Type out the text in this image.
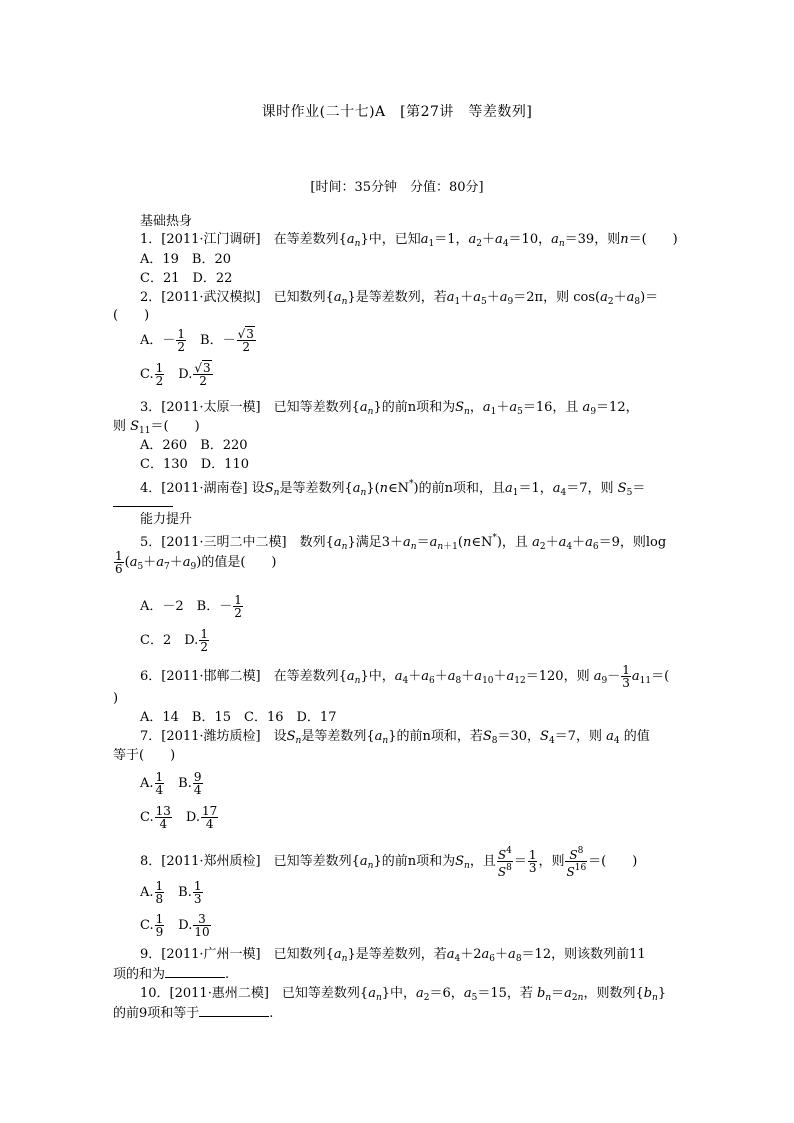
课时作业(二十七)A　[第27讲　等差数列]
[时间：35分钟　分值：80分]
基础热身
1．[2011·江门调研]　在等差数列$\{a_n\}$中，已知$a_1=1$，$a_2+a_4=10$，$a_n=39$，则n＝(　　)
A．19　B．20
C．21　D．22
2．[2011·武汉模拟]　已知数列$\{a_n\}$是等差数列，若$a_1+a_5+a_9=2\pi$，则 $\cos(a_2+a_8)=$
(　　)
A．－ $\frac{1}{2}$ 　B．－ $\frac{√3}{2}$
C. $\frac{1}{2}$ 　D. $\frac{√3}{2}$
3．[2011·太原一模]　已知等差数列$\{a_n\}$的前n项和为$S_n$，$a_1+a_5=16$，且 $a_9=12$，
则 $S_{11}=$(　　)
A．260　B．220
C．130　D．110
4．[2011·湖南卷] 设$S_n$是等差数列$\{a_n\}(n\in N^*)$的前n项和，且$a_1=1$，$a_4=7$，则 $S_5=$
能力提升
5．[2011·三明二中二模]　数列$\{a_n\}$满足$3+a_n=a_{n+1}(n\in N^*)$，且 $a_2+a_4+a_6=9$，则log
$\frac{1}{6} (a_5+a_7+a_9)$的值是(　　)
A．－2　B．－ $\frac{1}{2}$
C．2　D. $\frac{1}{2}$
6．[2011·邯郸二模]　在等差数列$\{a_n\}$中，$a_4+a_6+a_8+a_{10}+a_{12}=120$，则 $a_9- \frac{1}{3} a_{11}=$(
)
A．14　B．15　C．16　D．17
7．[2011·潍坊质检]　设$S_n$是等差数列$\{a_n\}$的前n项和，若$S_8=30$，$S_4=7$，则 $a_4$ 的值
等于(　　)
A. $\frac{1}{4}$ 　B. $\frac{9}{4}$
C. $\frac{13}{4}$ 　D. $\frac{17}{4}$
8．[2011·郑州质检]　已知等差数列$\{a_n\}$的前n项和为$S_n$，且 $\frac{S^4}{S^8} = \frac{1}{3}$ ，则 $\frac{S^8}{S^{16}}$ ＝(　　)
A. $\frac{1}{8}$ 　B. $\frac{1}{3}$
C. $\frac{1}{9}$ 　D. $\frac{3}{10}$
9．[2011·广州一模]　已知数列$\{a_n\}$是等差数列，若$a_4+2a_6+a_8=12$，则该数列前11
项的和为	.
10．[2011·惠州二模]　已知等差数列$\{a_n\}$中，$a_2=6$，$a_5=15$，若 $b_n=a_{2n}$，则数列$\{b_n\}$
的前9项和等于	.
